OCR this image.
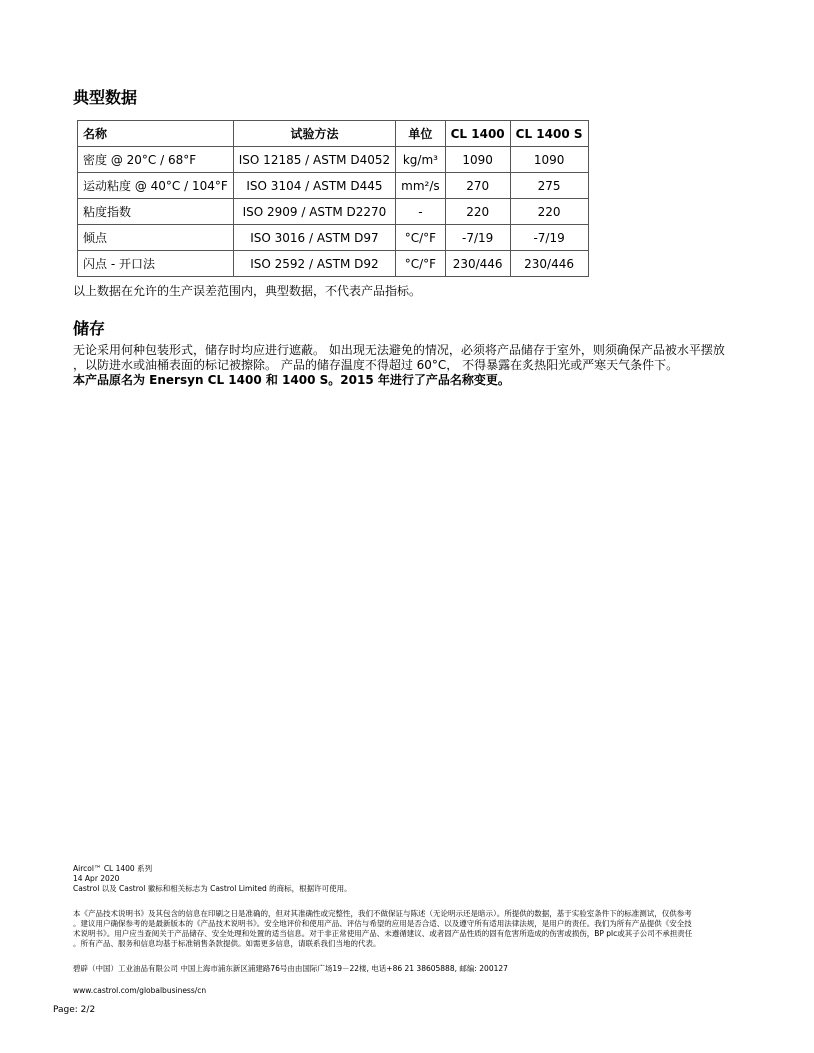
典型数据
名称	试验方法	单位	CL 1400	CL 1400 S
密度 @ 20°C / 68°F	ISO 12185 / ASTM D4052	kg/m³	1090	1090
运动粘度 @ 40°C / 104°F	ISO 3104 / ASTM D445	mm²/s	270	275
粘度指数	ISO 2909 / ASTM D2270	-	220	220
倾点	ISO 3016 / ASTM D97	°C/°F	-7/19	-7/19
闪点 - 开口法	ISO 2592 / ASTM D92	°C/°F	230/446	230/446

以上数据在允许的生产误差范围内，典型数据，不代表产品指标。

储存
无论采用何种包装形式，储存时均应进行遮蔽。 如出现无法避免的情况，必须将产品储存于室外，则须确保产品被水平摆放
，以防进水或油桶表面的标记被擦除。 产品的储存温度不得超过 60°C， 不得暴露在炙热阳光或严寒天气条件下。
本产品原名为 Enersyn CL 1400 和 1400 S。2015 年进行了产品名称变更。
Aircol™ CL 1400 系列
14 Apr 2020
Castrol 以及 Castrol 徽标和相关标志为 Castrol Limited 的商标，根据许可使用。
本《产品技术说明书》及其包含的信息在印刷之日是准确的，但对其准确性或完整性，我们不做保证与陈述（无论明示还是暗示）。所提供的数据，基于实验室条件下的标准测试，仅供参考
。建议用户确保参考的是最新版本的《产品技术说明书》。安全地评价和使用产品、评估与希望的应用是否合适、以及遵守所有适用法律法规，是用户的责任。我们为所有产品提供《安全技
术说明书》。用户应当查阅关于产品储存、安全处理和处置的适当信息。对于非正常使用产品、未遵循建议、或者固产品性质的固有危害所造成的伤害或损伤，BP plc或其子公司不承担责任
。所有产品、服务和信息均基于标准销售条款提供。如需更多信息，请联系我们当地的代表。

碧辟（中国）工业油品有限公司 中国上海市浦东新区浦建路76号由由国际广场19－22楼, 电话+86 21 38605888, 邮编: 200127

www.castrol.com/globalbusiness/cn

Page: 2/2
